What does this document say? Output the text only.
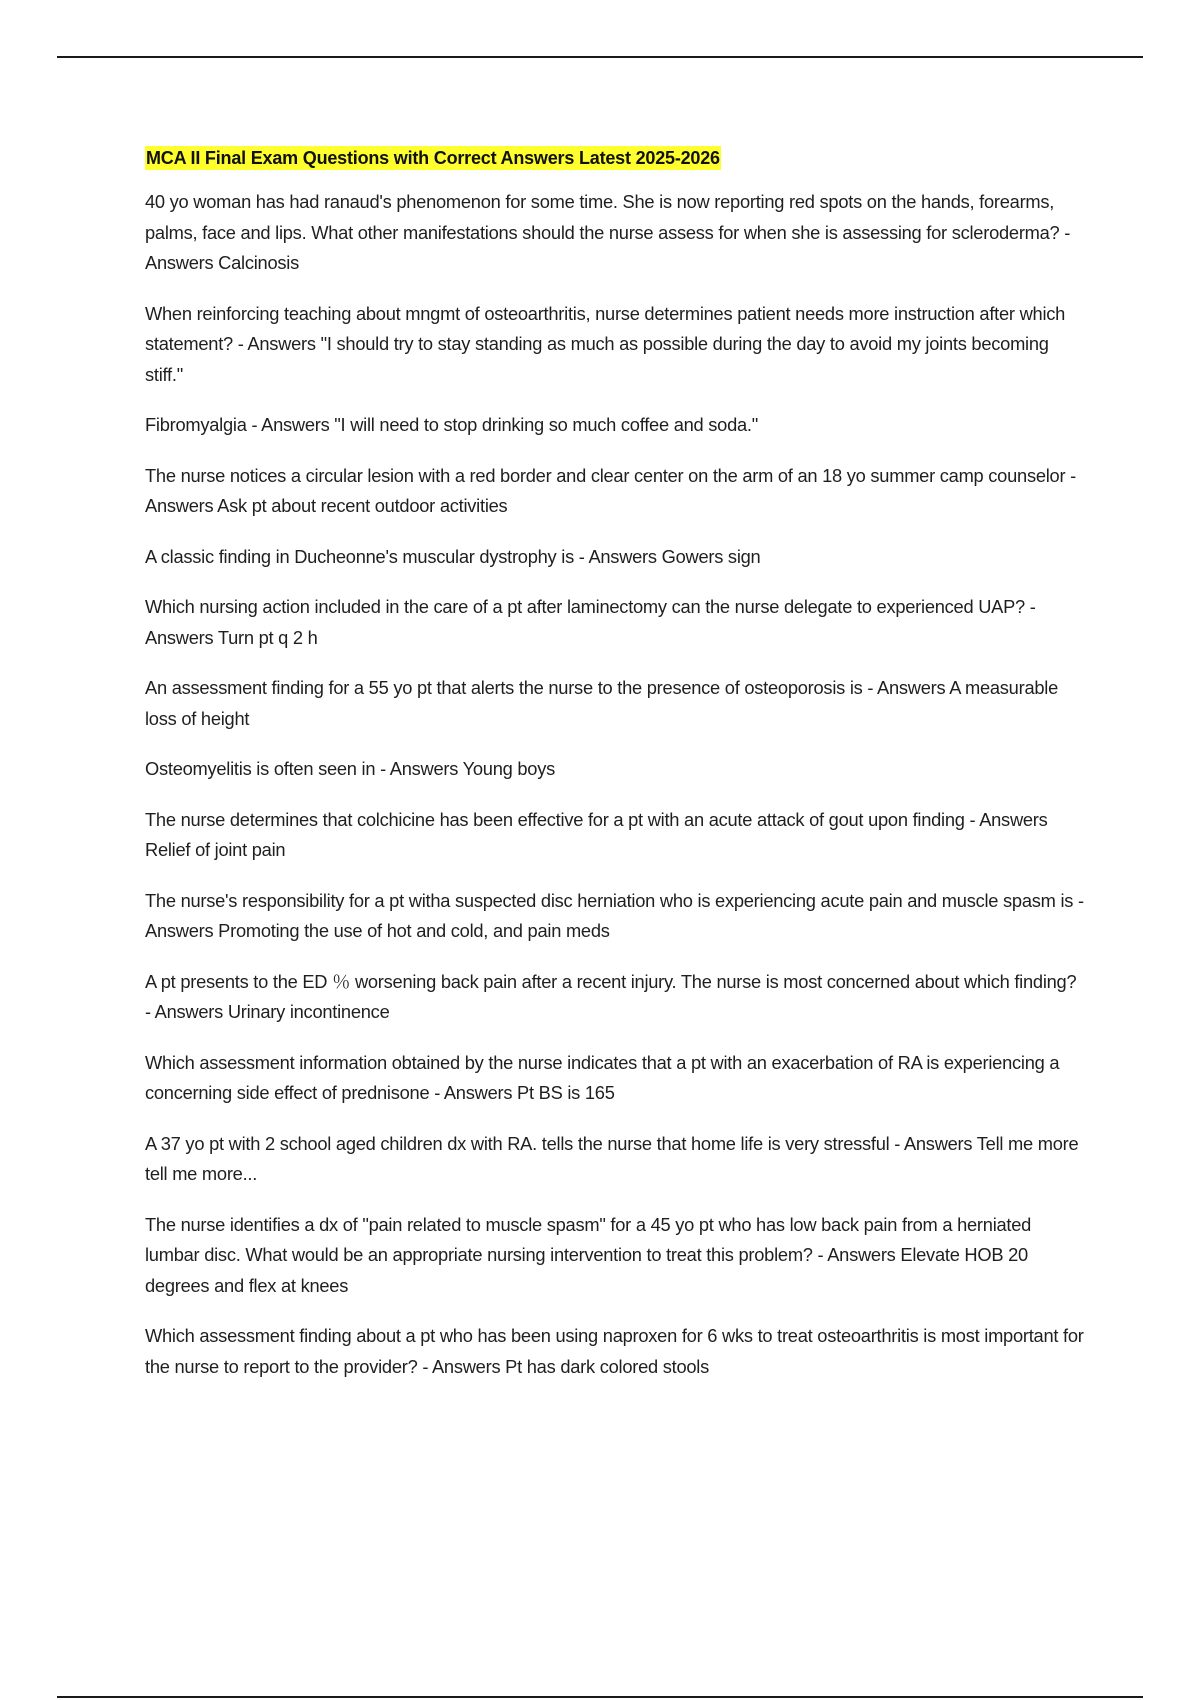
MCA II Final Exam Questions with Correct Answers Latest 2025-2026
40 yo woman has had ranaud's phenomenon for some time. She is now reporting red spots on the hands, forearms, palms, face and lips. What other manifestations should the nurse assess for when she is assessing for scleroderma? - Answers Calcinosis
When reinforcing teaching about mngmt of osteoarthritis, nurse determines patient needs more instruction after which statement? - Answers "I should try to stay standing as much as possible during the day to avoid my joints becoming stiff."
Fibromyalgia - Answers "I will need to stop drinking so much coffee and soda."
The nurse notices a circular lesion with a red border and clear center on the arm of an 18 yo summer camp counselor - Answers Ask pt about recent outdoor activities
A classic finding in Ducheonne's muscular dystrophy is - Answers Gowers sign
Which nursing action included in the care of a pt after laminectomy can the nurse delegate to experienced UAP? - Answers Turn pt q 2 h
An assessment finding for a 55 yo pt that alerts the nurse to the presence of osteoporosis is - Answers A measurable loss of height
Osteomyelitis is often seen in - Answers Young boys
The nurse determines that colchicine has been effective for a pt with an acute attack of gout upon finding - Answers Relief of joint pain
The nurse's responsibility for a pt witha suspected disc herniation who is experiencing acute pain and muscle spasm is - Answers Promoting the use of hot and cold, and pain meds
A pt presents to the ED ％ worsening back pain after a recent injury. The nurse is most concerned about which finding? - Answers Urinary incontinence
Which assessment information obtained by the nurse indicates that a pt with an exacerbation of RA is experiencing a concerning side effect of prednisone - Answers Pt BS is 165
A 37 yo pt with 2 school aged children dx with RA. tells the nurse that home life is very stressful - Answers Tell me more tell me more...
The nurse identifies a dx of "pain related to muscle spasm" for a 45 yo pt who has low back pain from a herniated lumbar disc. What would be an appropriate nursing intervention to treat this problem? - Answers Elevate HOB 20 degrees and flex at knees
Which assessment finding about a pt who has been using naproxen for 6 wks to treat osteoarthritis is most important for the nurse to report to the provider? - Answers Pt has dark colored stools
